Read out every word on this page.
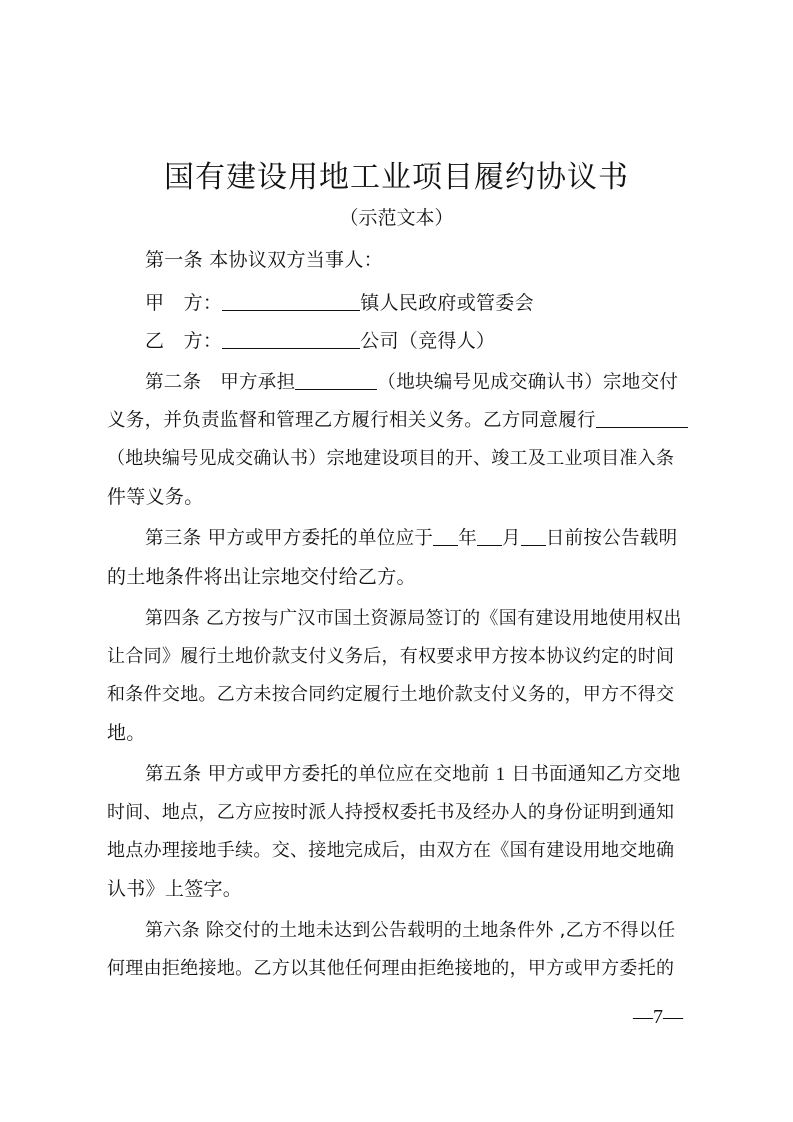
国有建设用地工业项目履约协议书
（示范文本）
第一条 本协议双方当事人：
甲　方：	镇人民政府或管委会
乙　方：	公司（竞得人）
第二条　甲方承担	（地块编号见成交确认书）宗地交付
义务，并负责监督和管理乙方履行相关义务。乙方同意履行
（地块编号见成交确认书）宗地建设项目的开、竣工及工业项目准入条
件等义务。
第三条 甲方或甲方委托的单位应于 年 月 日前按公告载明
的土地条件将出让宗地交付给乙方。
第四条 乙方按与广汉市国土资源局签订的《国有建设用地使用权出
让合同》履行土地价款支付义务后，有权要求甲方按本协议约定的时间
和条件交地。乙方未按合同约定履行土地价款支付义务的，甲方不得交
地。
第五条 甲方或甲方委托的单位应在交地前 1 日书面通知乙方交地
时间、地点，乙方应按时派人持授权委托书及经办人的身份证明到通知
地点办理接地手续。交、接地完成后，由双方在《国有建设用地交地确
认书》上签字。
第六条 除交付的土地未达到公告载明的土地条件外 ,乙方不得以任
何理由拒绝接地。乙方以其他任何理由拒绝接地的，甲方或甲方委托的
—7—
